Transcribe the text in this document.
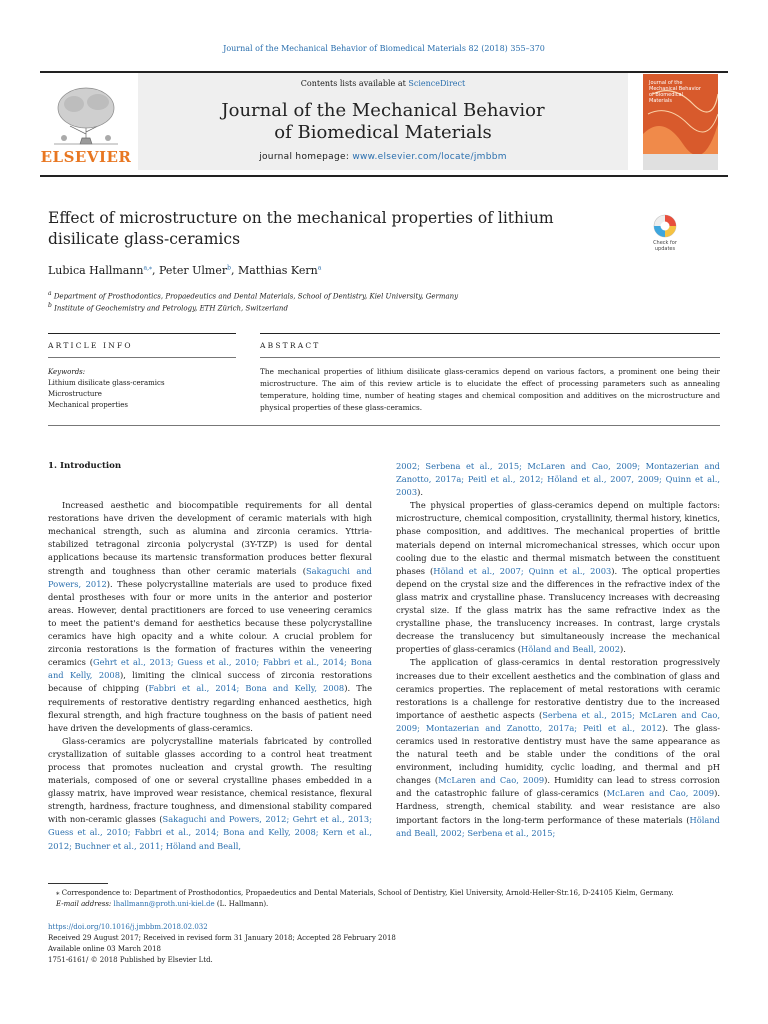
Journal of the Mechanical Behavior of Biomedical Materials 82 (2018) 355–370
ELSEVIER
Contents lists available at ScienceDirect
Journal of the Mechanical Behavior of Biomedical Materials
journal homepage: www.elsevier.com/locate/jmbbm
Journal of the Mechanical Behavior of Biomedical Materials
Effect of microstructure on the mechanical properties of lithium disilicate glass-ceramics	Check for
updates
Lubica Hallmann$^{a,⁎}$, Peter Ulmer$^b$, Matthias Kern$^a$
$^a$ Department of Prosthodontics, Propaedeutics and Dental Materials, School of Dentistry, Kiel University, Germany
$^b$ Institute of Geochemistry and Petrology, ETH Zürich, Switzerland
ARTICLE INFO	ABSTRACT
Keywords:
Lithium disilicate glass-ceramics
Microstructure
Mechanical properties
The mechanical properties of lithium disilicate glass-ceramics depend on various factors, a prominent one being their microstructure. The aim of this review article is to elucidate the effect of processing parameters such as annealing temperature, holding time, number of heating stages and chemical composition and additives on the microstructure and physical properties of these glass-ceramics.

1. Introduction

Increased aesthetic and biocompatible requirements for all dental restorations have driven the development of ceramic materials with high mechanical strength, such as alumina and zirconia ceramics. Yttria-stabilized tetragonal zirconia polycrystal (3Y-TZP) is used for dental applications because its martensic transformation produces better flexural strength and toughness than other ceramic materials (Sakaguchi and Powers, 2012). These polycrystalline materials are used to produce fixed dental prostheses with four or more units in the anterior and posterior areas. However, dental practitioners are forced to use veneering ceramics to meet the patient's demand for aesthetics because these polycrystalline ceramics have high opacity and a white colour. A crucial problem for zirconia restorations is the formation of fractures within the veneering ceramics (Gehrt et al., 2013; Guess et al., 2010; Fabbri et al., 2014; Bona and Kelly, 2008), limiting the clinical success of zirconia restorations because of chipping (Fabbri et al., 2014; Bona and Kelly, 2008). The requirements of restorative dentistry regarding enhanced aesthetics, high flexural strength, and high fracture toughness on the basis of patient need have driven the developments of glass-ceramics.

Glass-ceramics are polycrystalline materials fabricated by controlled crystallization of suitable glasses according to a control heat treatment process that promotes nucleation and crystal growth. The resulting materials, composed of one or several crystalline phases embedded in a glassy matrix, have improved wear resistance, chemical resistance, flexural strength, hardness, fracture toughness, and dimensional stability compared with non-ceramic glasses (Sakaguchi and Powers, 2012; Gehrt et al., 2013; Guess et al., 2010; Fabbri et al., 2014; Bona and Kelly, 2008; Kern et al., 2012; Buchner et al., 2011; Höland and Beall,

2002; Serbena et al., 2015; McLaren and Cao, 2009; Montazerian and Zanotto, 2017a; Peitl et al., 2012; Höland et al., 2007, 2009; Quinn et al., 2003).

The physical properties of glass-ceramics depend on multiple factors: microstructure, chemical composition, crystallinity, thermal history, kinetics, phase composition, and additives. The mechanical properties of brittle materials depend on internal micromechanical stresses, which occur upon cooling due to the elastic and thermal mismatch between the constituent phases (Höland et al., 2007; Quinn et al., 2003). The optical properties depend on the crystal size and the differences in the refractive index of the glass matrix and crystalline phase. Translucency increases with decreasing crystal size. If the glass matrix has the same refractive index as the crystalline phase, the translucency increases. In contrast, large crystals decrease the translucency but simultaneously increase the mechanical properties of glass-ceramics (Höland and Beall, 2002).

The application of glass-ceramics in dental restoration progressively increases due to their excellent aesthetics and the combination of glass and ceramics properties. The replacement of metal restorations with ceramic restorations is a challenge for restorative dentistry due to the increased importance of aesthetic aspects (Serbena et al., 2015; McLaren and Cao, 2009; Montazerian and Zanotto, 2017a; Peitl et al., 2012). The glass-ceramics used in restorative dentistry must have the same appearance as the natural teeth and be stable under the conditions of the oral environment, including humidity, cyclic loading, and thermal and pH changes (McLaren and Cao, 2009). Humidity can lead to stress corrosion and the catastrophic failure of glass-ceramics (McLaren and Cao, 2009). Hardness, strength, chemical stability. and wear resistance are also important factors in the long-term performance of these materials (Höland and Beall, 2002; Serbena et al., 2015;

⁎ Correspondence to: Department of Prosthodontics, Propaedeutics and Dental Materials, School of Dentistry, Kiel University, Arnold-Heller-Str.16, D-24105 Kielm, Germany.
E-mail address: lhallmann@proth.uni-kiel.de (L. Hallmann).
https://doi.org/10.1016/j.jmbbm.2018.02.032
Received 29 August 2017; Received in revised form 31 January 2018; Accepted 28 February 2018
Available online 03 March 2018
1751-6161/ © 2018 Published by Elsevier Ltd.
